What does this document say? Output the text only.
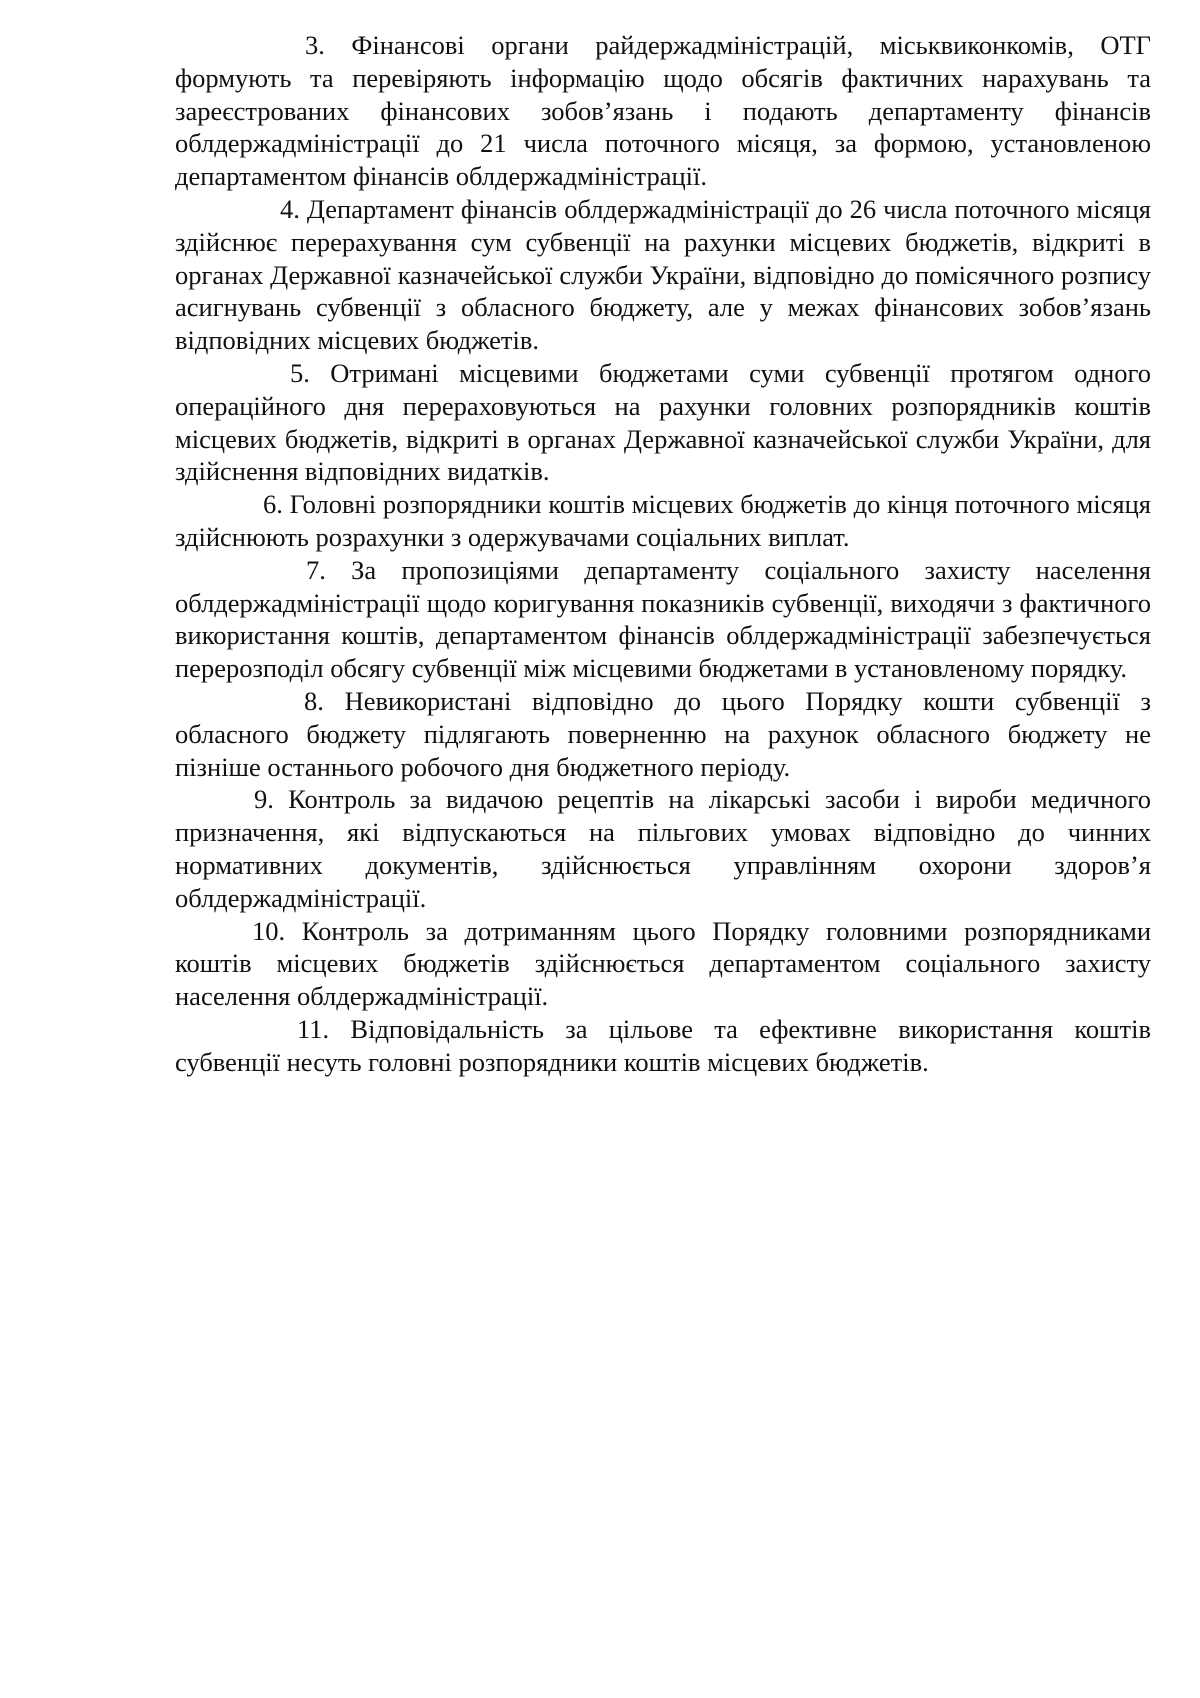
3. Фінансові органи райдержадміністрацій, міськвиконкомів, ОТГ формують та перевіряють інформацію щодо обсягів фактичних нарахувань та зареєстрованих фінансових зобов’язань і подають департаменту фінансів облдержадміністрації до 21 числа поточного місяця, за формою, установленою департаментом фінансів облдержадміністрації.

4. Департамент фінансів облдержадміністрації до 26 числа поточного місяця здійснює перерахування сум субвенції на рахунки місцевих бюджетів, відкриті в органах Державної казначейської служби України, відповідно до помісячного розпису асигнувань субвенції з обласного бюджету, але у межах фінансових зобов’язань відповідних місцевих бюджетів.

5. Отримані місцевими бюджетами суми субвенції протягом одного операційного дня перераховуються на рахунки головних розпорядників коштів місцевих бюджетів, відкриті в органах Державної казначейської служби України, для здійснення відповідних видатків.

6. Головні розпорядники коштів місцевих бюджетів до кінця поточного місяця здійснюють розрахунки з одержувачами соціальних виплат.

7. За пропозиціями департаменту соціального захисту населення облдержадміністрації щодо коригування показників субвенції, виходячи з фактичного використання коштів, департаментом фінансів облдержадміністрації забезпечується перерозподіл обсягу субвенції між місцевими бюджетами в установленому порядку.

8. Невикористані відповідно до цього Порядку кошти субвенції з обласного бюджету підлягають поверненню на рахунок обласного бюджету не пізніше останнього робочого дня бюджетного періоду.

9. Контроль за видачою рецептів на лікарські засоби і вироби медичного призначення, які відпускаються на пільгових умовах відповідно до чинних нормативних документів, здійснюється управлінням охорони здоров’я облдержадміністрації.

10. Контроль за дотриманням цього Порядку головними розпорядниками коштів місцевих бюджетів здійснюється департаментом соціального захисту населення облдержадміністрації.

11. Відповідальність за цільове та ефективне використання коштів субвенції несуть головні розпорядники коштів місцевих бюджетів.
